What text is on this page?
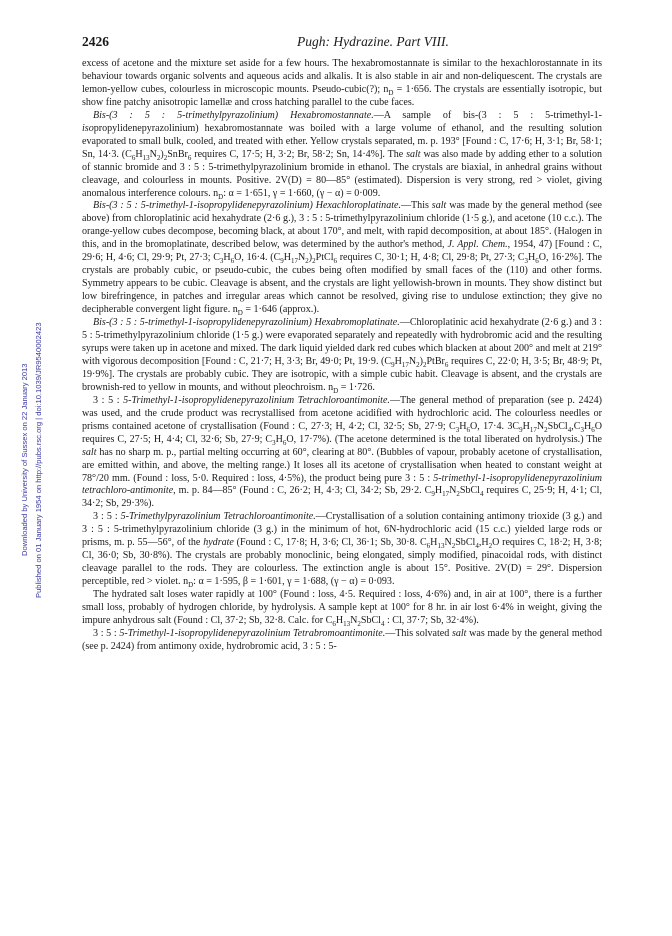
2426	Pugh: Hydrazine. Part VIII.
Downloaded by University of Sussex on 22 January 2013 Published on 01 January 1954 on http://pubs.rsc.org | doi:10.1039/JR9540002423

excess of acetone and the mixture set aside for a few hours. The hexabromostannate is similar to the hexachlorostannate in its behaviour towards organic solvents and aqueous acids and alkalis. It is also stable in air and non-deliquescent. The crystals are lemon-yellow cubes, colourless in microscopic mounts. Pseudo-cubic(?); $n_D = 1\cdot 656$. The crystals are essentially isotropic, but show fine patchy anisotropic lamellæ and cross hatching parallel to the cube faces.

Bis-(3 : 5 : 5-trimethylpyrazolinium) Hexabromostannate.—A sample of bis-(3 : 5 : 5-trimethyl-1-isopropylidenepyrazolinium) hexabromostannate was boiled with a large volume of ethanol, and the resulting solution evaporated to small bulk, cooled, and treated with ether. Yellow crystals separated, m. p. 193° [Found : C, 17·6; H, 3·1; Br, 58·1; Sn, 14·3. $(C_6H_{13}N_2)_2SnBr_6$ requires C, 17·5; H, 3·2; Br, 58·2; Sn, 14·4%]. The salt was also made by adding ether to a solution of stannic bromide and 3 : 5 : 5-trimethylpyrazolinium bromide in ethanol. The crystals are biaxial, in anhedral grains without cleavage, and colourless in mounts. Positive. 2V(D) = 80—85° (estimated). Dispersion is very strong, red > violet, giving anomalous interference colours. $n_D$: α = 1·651, γ = 1·660, (γ − α) = 0·009.

Bis-(3 : 5 : 5-trimethyl-1-isopropylidenepyrazolinium) Hexachloroplatinate.—This salt was made by the general method (see above) from chloroplatinic acid hexahydrate (2·6 g.), 3 : 5 : 5-trimethylpyrazolinium chloride (1·5 g.), and acetone (10 c.c.). The orange-yellow cubes decompose, becoming black, at about 170°, and melt, with rapid decomposition, at about 185°. (Halogen in this, and in the bromoplatinate, described below, was determined by the author's method, J. Appl. Chem., 1954, 47) [Found : C, 29·6; H, 4·6; Cl, 29·9; Pt, 27·3; $C_3H_6O$, 16·4. $(C_9H_{17}N_2)_2PtCl_6$ requires C, 30·1; H, 4·8; Cl, 29·8; Pt, 27·3; $C_3H_6O$, 16·2%]. The crystals are probably cubic, or pseudo-cubic, the cubes being often modified by small faces of the (110) and other forms. Symmetry appears to be cubic. Cleavage is absent, and the crystals are light yellowish-brown in mounts. They show distinct but low birefringence, in patches and irregular areas which cannot be resolved, giving rise to undulose extinction; they give no decipherable convergent light figure. $n_D = 1\cdot 646$ (approx.).

Bis-(3 : 5 : 5-trimethyl-1-isopropylidenepyrazolinium) Hexabromoplatinate.—Chloroplatinic acid hexahydrate (2·6 g.) and 3 : 5 : 5-trimethylpyrazolinium chloride (1·5 g.) were evaporated separately and repeatedly with hydrobromic acid and the resulting syrups were taken up in acetone and mixed. The dark liquid yielded dark red cubes which blacken at about 200° and melt at 219° with vigorous decomposition [Found : C, 21·7; H, 3·3; Br, 49·0; Pt, 19·9. $(C_9H_{17}N_2)_2PtBr_6$ requires C, 22·0; H, 3·5; Br, 48·9; Pt, 19·9%]. The crystals are probably cubic. They are isotropic, with a simple cubic habit. Cleavage is absent, and the crystals are brownish-red to yellow in mounts, and without pleochroism. $n_D = 1\cdot 726$.

3 : 5 : 5-Trimethyl-1-isopropylidenepyrazolinium Tetrachloroantimonite.—The general method of preparation (see p. 2424) was used, and the crude product was recrystallised from acetone acidified with hydrochloric acid. The colourless needles or prisms contained acetone of crystallisation (Found : C, 27·3; H, 4·2; Cl, 32·5; Sb, 27·9; $C_3H_6O$, 17·4. $3C_9H_{17}N_2SbCl_4,C_3H_6O$ requires C, 27·5; H, 4·4; Cl, 32·6; Sb, 27·9; $C_3H_6O$, 17·7%). (The acetone determined is the total liberated on hydrolysis.) The salt has no sharp m. p., partial melting occurring at 60°, clearing at 80°. (Bubbles of vapour, probably acetone of crystallisation, are emitted within, and above, the melting range.) It loses all its acetone of crystallisation when heated to constant weight at 78°/20 mm. (Found : loss, 5·0. Required : loss, 4·5%), the product being pure 3 : 5 : 5-trimethyl-1-isopropylidenepyrazolinium tetrachloro-antimonite, m. p. 84—85° (Found : C, 26·2; H, 4·3; Cl, 34·2; Sb, 29·2. $C_9H_{17}N_2SbCl_4$ requires C, 25·9; H, 4·1; Cl, 34·2; Sb, 29·3%).

3 : 5 : 5-Trimethylpyrazolinium Tetrachloroantimonite.—Crystallisation of a solution containing antimony trioxide (3 g.) and 3 : 5 : 5-trimethylpyrazolinium chloride (3 g.) in the minimum of hot, 6N-hydrochloric acid (15 c.c.) yielded large rods or prisms, m. p. 55—56°, of the hydrate (Found : C, 17·8; H, 3·6; Cl, 36·1; Sb, 30·8. $C_6H_{13}N_2SbCl_4,H_2O$ requires C, 18·2; H, 3·8; Cl, 36·0; Sb, 30·8%). The crystals are probably monoclinic, being elongated, simply modified, pinacoidal rods, with distinct cleavage parallel to the rods. They are colourless. The extinction angle is about 15°. Positive. 2V(D) = 29°. Dispersion perceptible, red > violet. $n_D$: α = 1·595, β = 1·601, γ = 1·688, (γ − α) = 0·093.

The hydrated salt loses water rapidly at 100° (Found : loss, 4·5. Required : loss, 4·6%) and, in air at 100°, there is a further small loss, probably of hydrogen chloride, by hydrolysis. A sample kept at 100° for 8 hr. in air lost 6·4% in weight, giving the impure anhydrous salt (Found : Cl, 37·2; Sb, 32·8. Calc. for $C_6H_{13}N_2SbCl_4$ : Cl, 37·7; Sb, 32·4%).

3 : 5 : 5-Trimethyl-1-isopropylidenepyrazolinium Tetrabromoantimonite.—This solvated salt was made by the general method (see p. 2424) from antimony oxide, hydrobromic acid, 3 : 5 : 5-
